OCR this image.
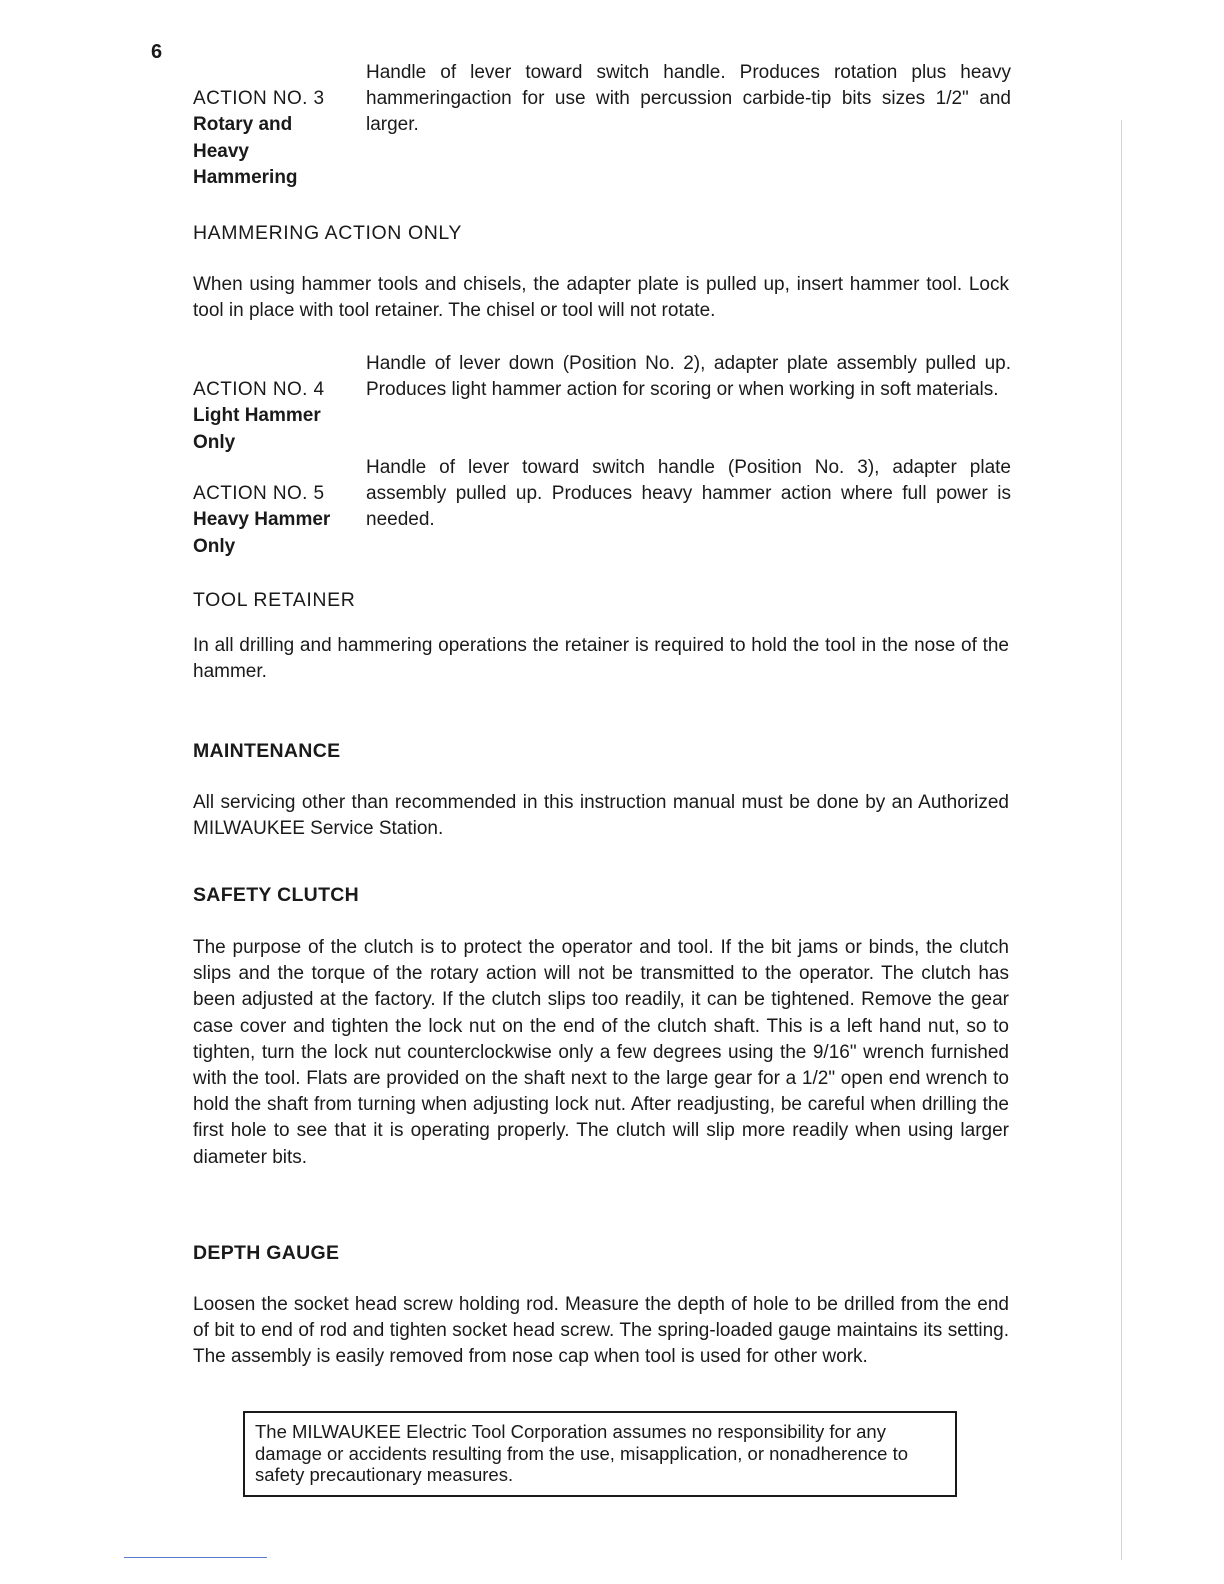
6

ACTION NO. 3
Rotary and
Heavy
Hammering

Handle of lever toward switch handle. Produces rotation plus heavy hammeringaction for use with percussion carbide-tip bits sizes 1/2" and larger.
HAMMERING ACTION ONLY

When using hammer tools and chisels, the adapter plate is pulled up, insert hammer tool. Lock tool in place with tool retainer. The chisel or tool will not rotate.

ACTION NO. 4
Light Hammer
Only

Handle of lever down (Position No. 2), adapter plate assembly pulled up. Produces light hammer action for scoring or when working in soft materials.

ACTION NO. 5
Heavy Hammer
Only

Handle of lever toward switch handle (Position No. 3), adapter plate assembly pulled up. Produces heavy hammer action where full power is needed.
TOOL RETAINER

In all drilling and hammering operations the retainer is required to hold the tool in the nose of the hammer.

MAINTENANCE

All servicing other than recommended in this instruction manual must be done by an Authorized MILWAUKEE Service Station.

SAFETY CLUTCH

The purpose of the clutch is to protect the operator and tool. If the bit jams or binds, the clutch slips and the torque of the rotary action will not be transmitted to the operator. The clutch has been adjusted at the factory. If the clutch slips too readily, it can be tightened. Remove the gear case cover and tighten the lock nut on the end of the clutch shaft. This is a left hand nut, so to tighten, turn the lock nut counterclockwise only a few degrees using the 9/16" wrench furnished with the tool. Flats are provided on the shaft next to the large gear for a 1/2" open end wrench to hold the shaft from turning when adjusting lock nut. After readjusting, be careful when drilling the first hole to see that it is operating properly. The clutch will slip more readily when using larger diameter bits.

DEPTH GAUGE

Loosen the socket head screw holding rod. Measure the depth of hole to be drilled from the end of bit to end of rod and tighten socket head screw. The spring-loaded gauge maintains its setting. The assembly is easily removed from nose cap when tool is used for other work.

The MILWAUKEE Electric Tool Corporation assumes no responsibility for any damage or accidents resulting from the use, misapplication, or nonadherence to safety precautionary measures.
